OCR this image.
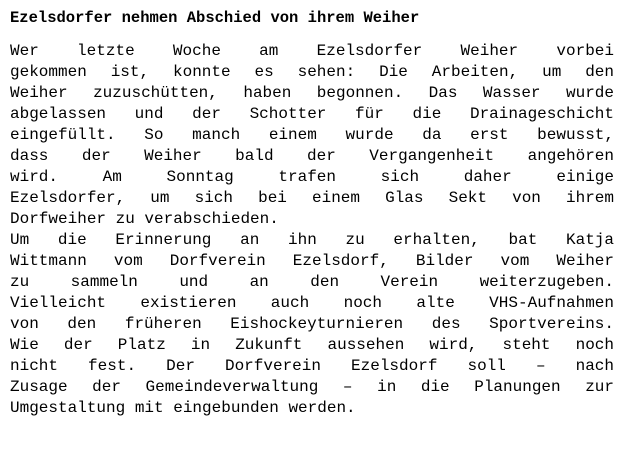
Ezelsdorfer nehmen Abschied von ihrem Weiher
Wer letzte Woche am Ezelsdorfer Weiher vorbei
gekommen ist, konnte es sehen: Die Arbeiten, um den
Weiher zuzuschütten, haben begonnen. Das Wasser wurde
abgelassen und der Schotter für die Drainageschicht
eingefüllt. So manch einem wurde da erst bewusst,
dass der Weiher bald der Vergangenheit angehören
wird. Am Sonntag trafen sich daher einige
Ezelsdorfer, um sich bei einem Glas Sekt von ihrem
Dorfweiher zu verabschieden.
Um die Erinnerung an ihn zu erhalten, bat Katja
Wittmann vom Dorfverein Ezelsdorf, Bilder vom Weiher
zu sammeln und an den Verein weiterzugeben.
Vielleicht existieren auch noch alte VHS-Aufnahmen
von den früheren Eishockeyturnieren des Sportvereins.
Wie der Platz in Zukunft aussehen wird, steht noch
nicht fest. Der Dorfverein Ezelsdorf soll – nach
Zusage der Gemeindeverwaltung – in die Planungen zur
Umgestaltung mit eingebunden werden.
